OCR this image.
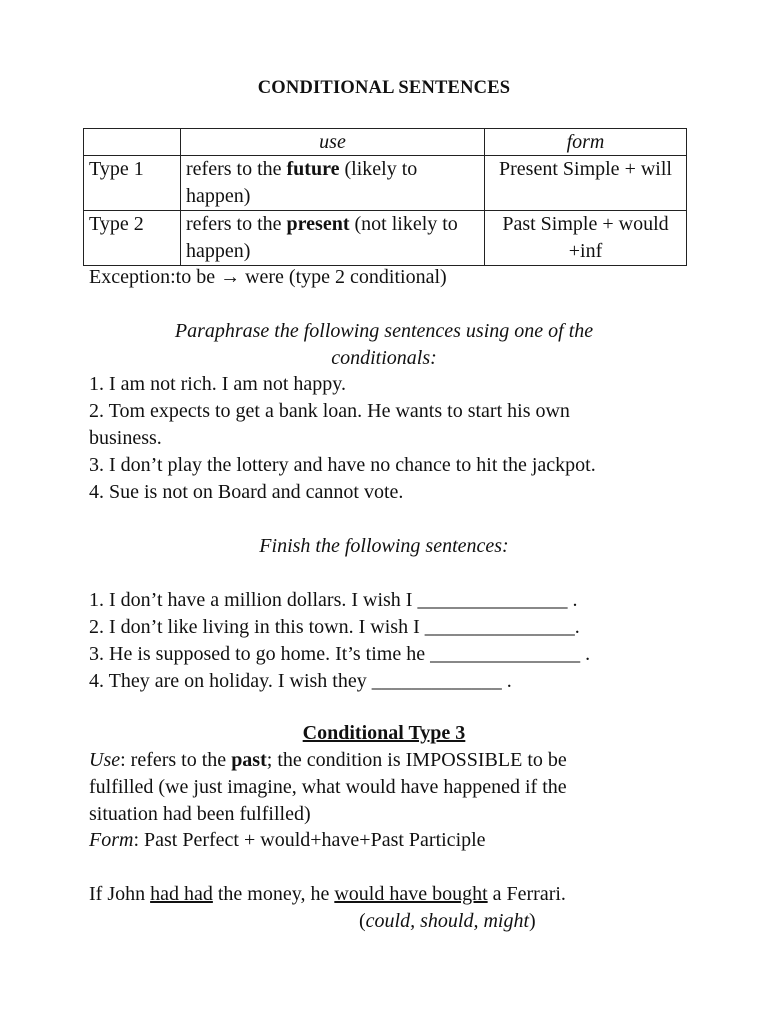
CONDITIONAL SENTENCES
	use	form
Type 1	refers to the future (likely to happen)	Present Simple + will
Type 2	refers to the present (not likely to happen)	Past Simple + would +inf
Exception:to be → were (type 2 conditional)
Paraphrase the following sentences using one of the
conditionals:
1. I am not rich. I am not happy.
2. Tom expects to get a bank loan. He wants to start his own
business.
3. I don’t play the lottery and have no chance to hit the jackpot.
4. Sue is not on Board and cannot vote.
Finish the following sentences:
1. I don’t have a million dollars. I wish I _______________ .
2. I don’t like living in this town. I wish I _______________.
3. He is supposed to go home. It’s time he _______________ .
4. They are on holiday. I wish they _____________ .
Conditional Type 3
Use: refers to the past; the condition is IMPOSSIBLE to be
fulfilled (we just imagine, what would have happened if the
situation had been fulfilled)
Form: Past Perfect + would+have+Past Participle
If John had had the money, he would have bought a Ferrari.
(could, should, might)
